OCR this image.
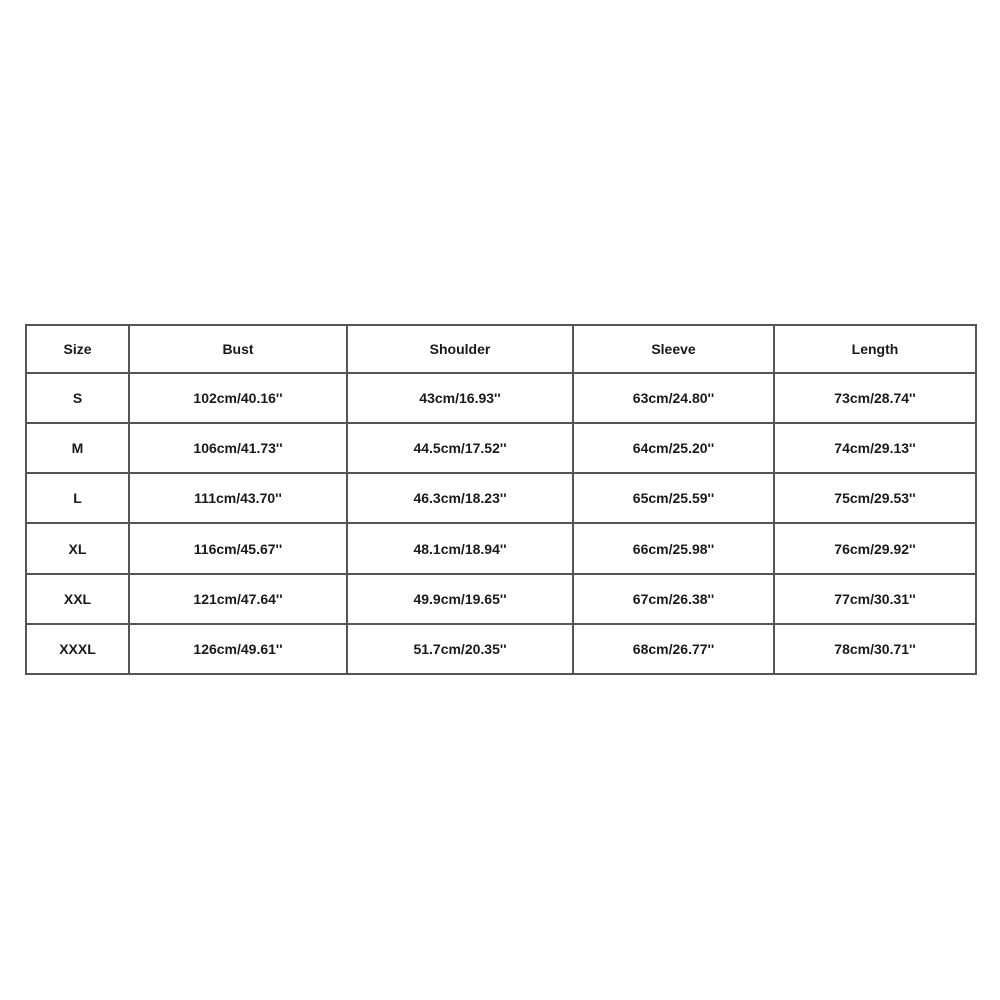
Size	Bust	Shoulder	Sleeve	Length
S	102cm/40.16''	43cm/16.93''	63cm/24.80''	73cm/28.74''
M	106cm/41.73''	44.5cm/17.52''	64cm/25.20''	74cm/29.13''
L	111cm/43.70''	46.3cm/18.23''	65cm/25.59''	75cm/29.53''
XL	116cm/45.67''	48.1cm/18.94''	66cm/25.98''	76cm/29.92''
XXL	121cm/47.64''	49.9cm/19.65''	67cm/26.38''	77cm/30.31''
XXXL	126cm/49.61''	51.7cm/20.35''	68cm/26.77''	78cm/30.71''
